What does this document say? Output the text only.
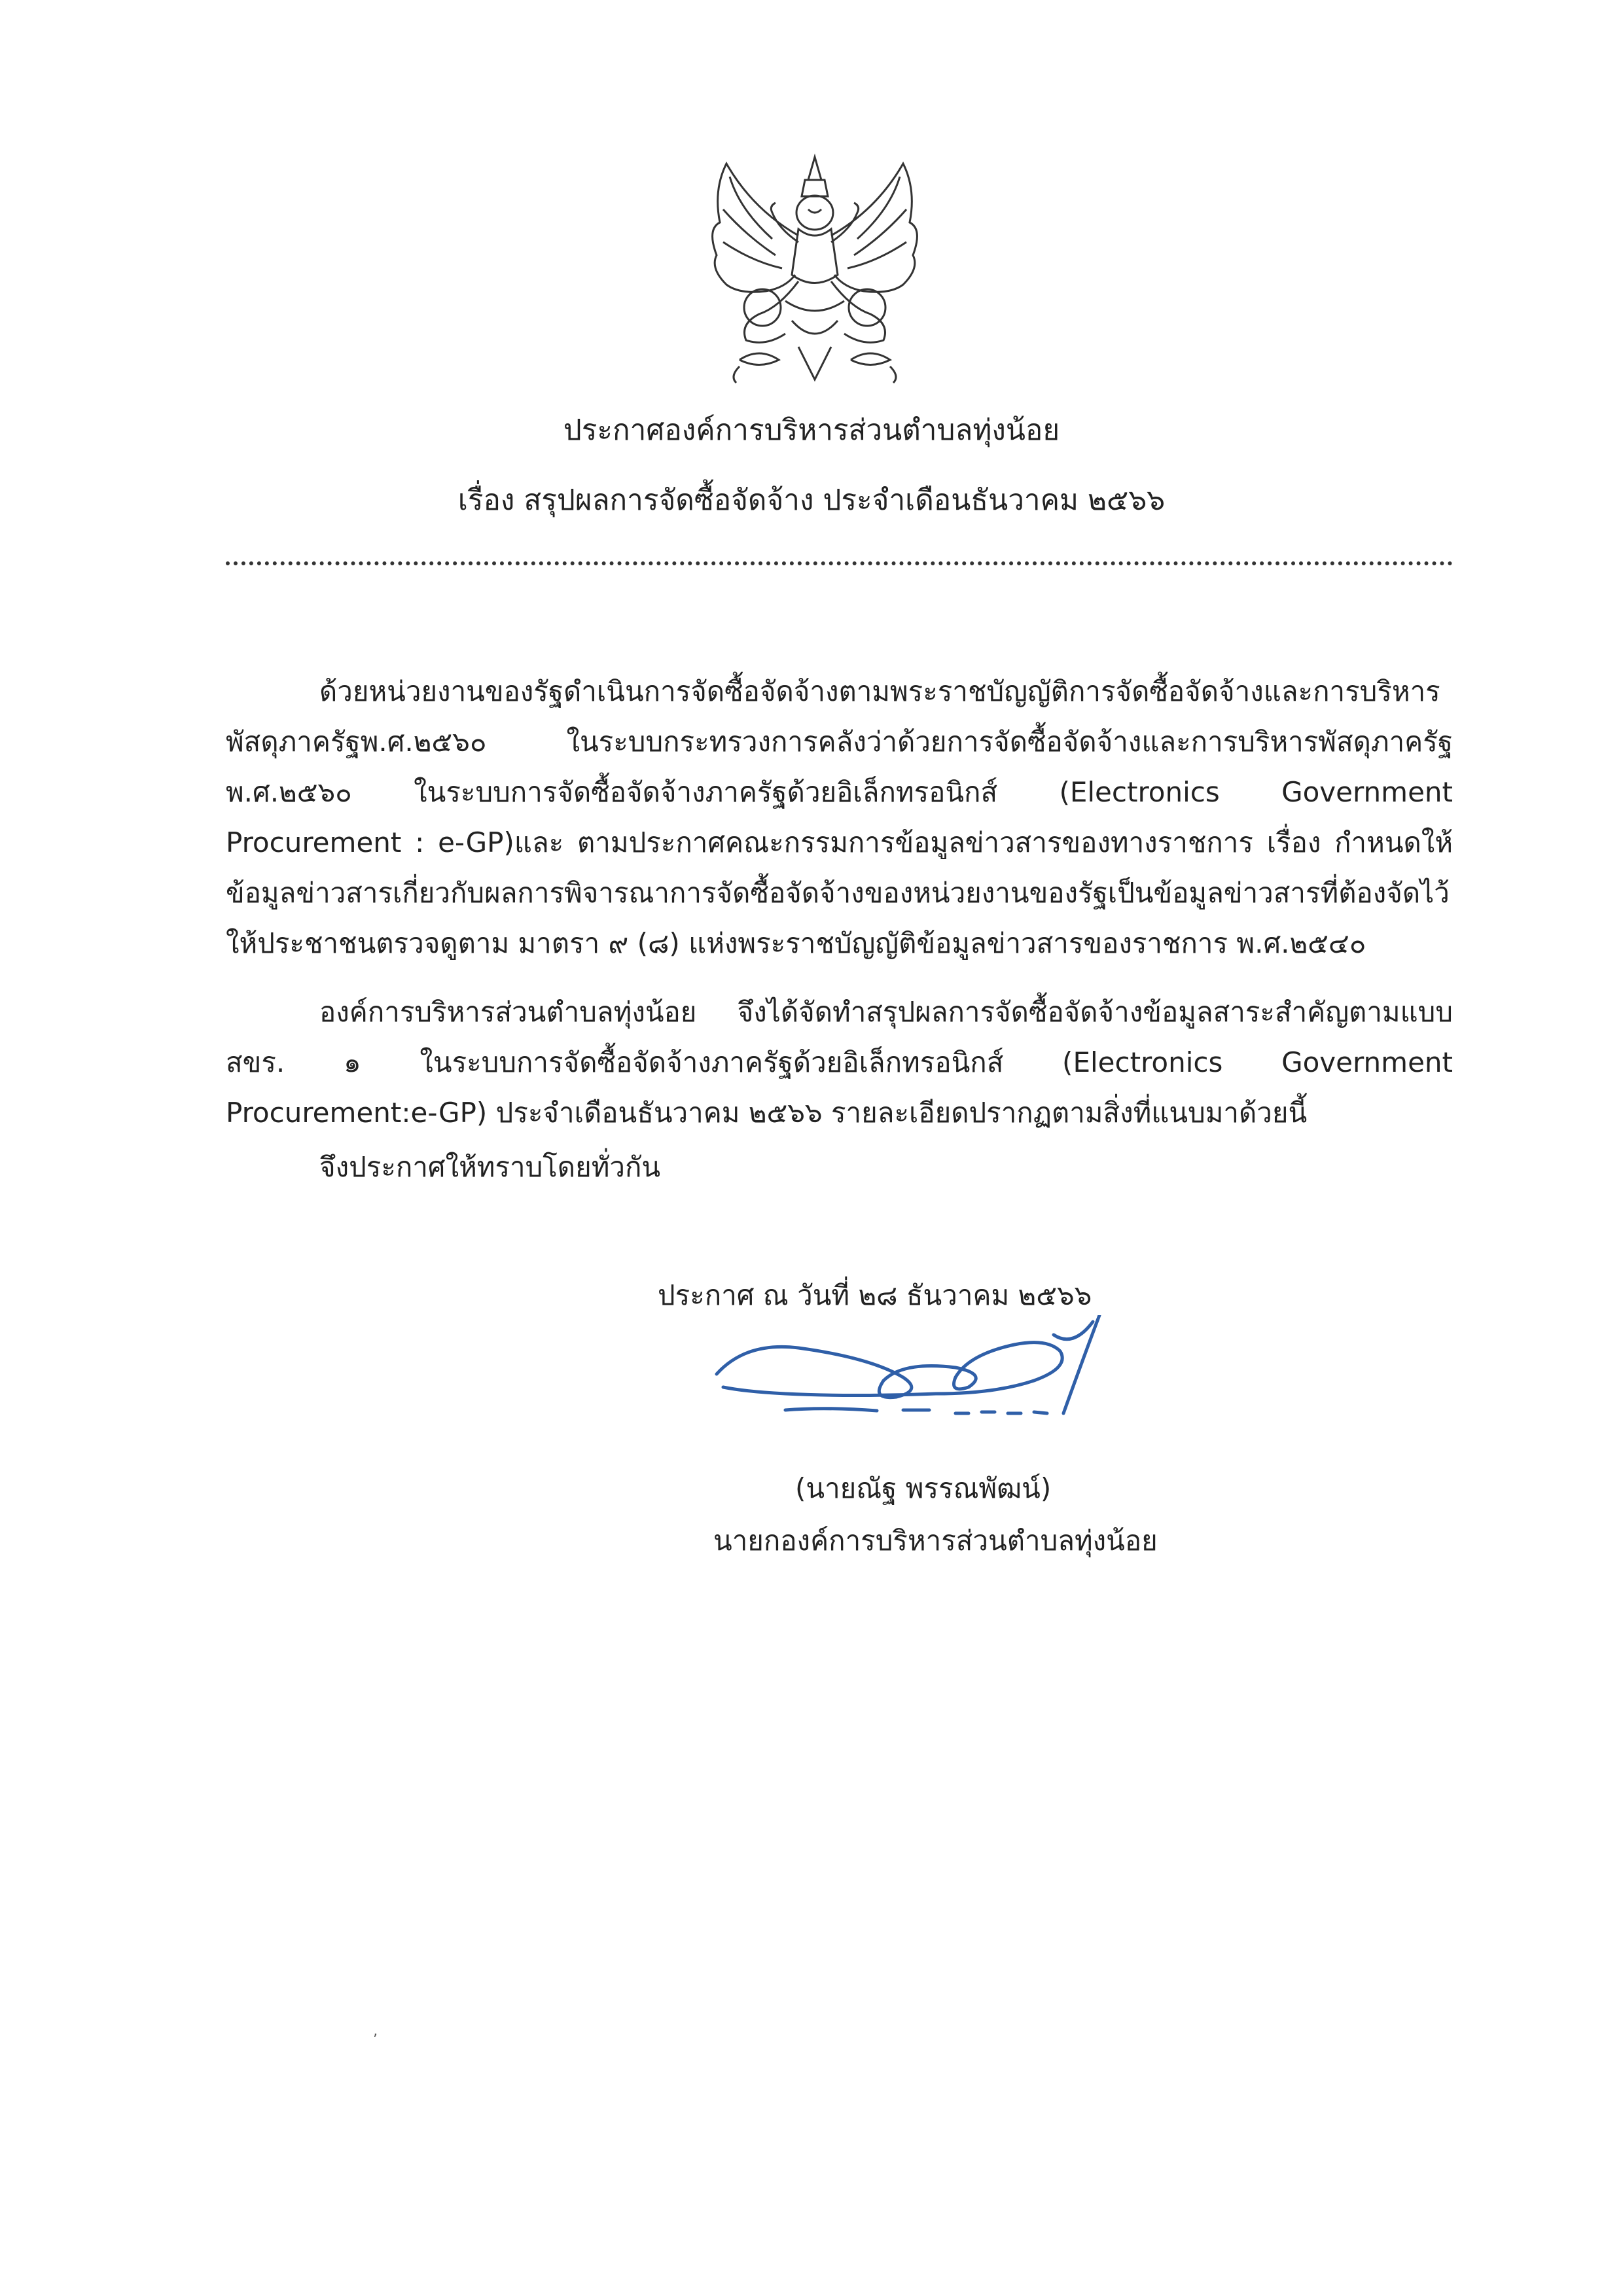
ประกาศองค์การบริหารส่วนตำบลทุ่งน้อย
เรื่อง สรุปผลการจัดซื้อจัดจ้าง ประจำเดือนธันวาคม ๒๕๖๖

ด้วยหน่วยงานของรัฐดำเนินการจัดซื้อจัดจ้างตามพระราชบัญญัติการจัดซื้อจัดจ้างและการบริหารพัสดุภาครัฐพ.ศ.๒๕๖๐ ในระบบกระทรวงการคลังว่าด้วยการจัดซื้อจัดจ้างและการบริหารพัสดุภาครัฐ พ.ศ.๒๕๖๐ ในระบบการจัดซื้อจัดจ้างภาครัฐด้วยอิเล็กทรอนิกส์ (Electronics Government Procurement : e-GP)และ ตามประกาศคณะกรรมการข้อมูลข่าวสารของทางราชการ เรื่อง กำหนดให้ข้อมูลข่าวสารเกี่ยวกับผลการพิจารณาการจัดซื้อจัดจ้างของหน่วยงานของรัฐเป็นข้อมูลข่าวสารที่ต้องจัดไว้ให้ประชาชนตรวจดูตาม มาตรา ๙ (๘) แห่งพระราชบัญญัติข้อมูลข่าวสารของราชการ พ.ศ.๒๕๔๐

องค์การบริหารส่วนตำบลทุ่งน้อย จึงได้จัดทำสรุปผลการจัดซื้อจัดจ้างข้อมูลสาระสำคัญตามแบบ สขร. ๑ ในระบบการจัดซื้อจัดจ้างภาครัฐด้วยอิเล็กทรอนิกส์ (Electronics Government Procurement:e-GP) ประจำเดือนธันวาคม ๒๕๖๖ รายละเอียดปรากฏตามสิ่งที่แนบมาด้วยนี้

จึงประกาศให้ทราบโดยทั่วกัน

ประกาศ ณ วันที่ ๒๘ ธันวาคม ๒๕๖๖
(นายณัฐ พรรณพัฒน์)
นายกองค์การบริหารส่วนตำบลทุ่งน้อย
ʼ
